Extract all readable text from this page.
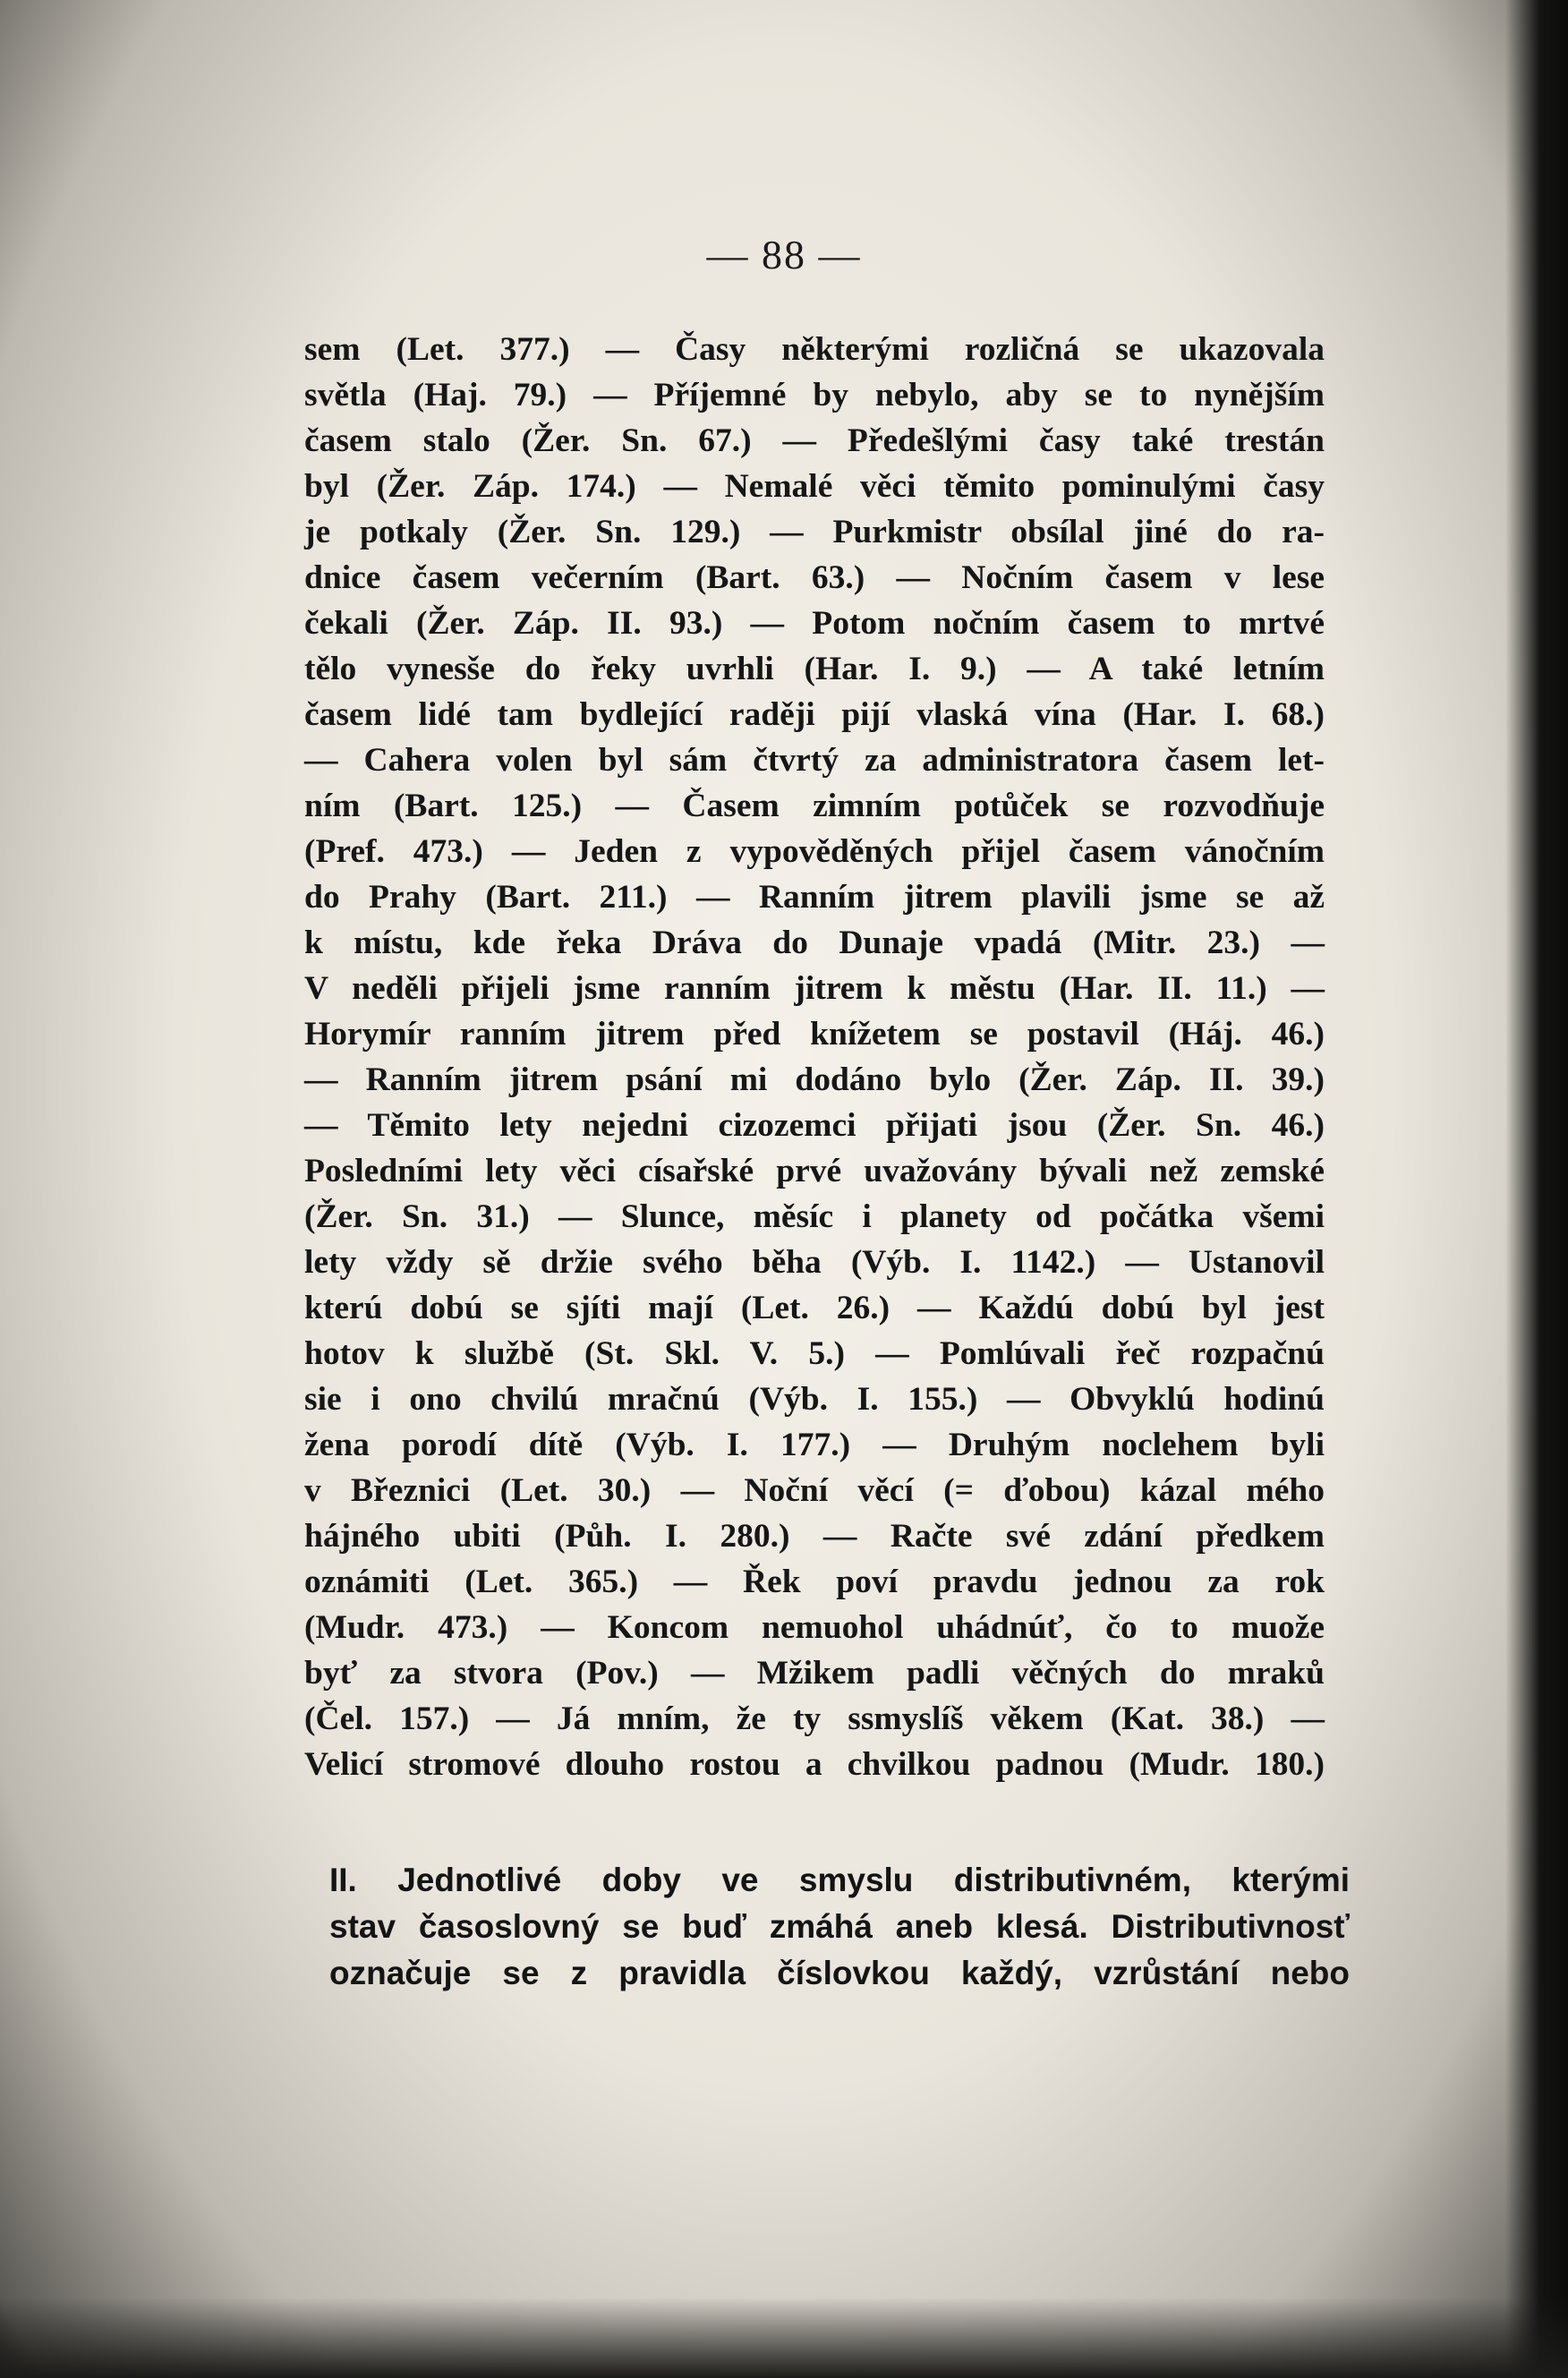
— 88 —
sem (Let. 377.) — Časy některými rozličná se ukazovala
světla (Haj. 79.) — Příjemné by nebylo, aby se to nynějším
časem stalo (Žer. Sn. 67.) — Předešlými časy také trestán
byl (Žer. Záp. 174.) — Nemalé věci těmito pominulými časy
je potkaly (Žer. Sn. 129.) — Purkmistr obsílal jiné do ra-
dnice časem večerním (Bart. 63.) — Nočním časem v lese
čekali (Žer. Záp. II. 93.) — Potom nočním časem to mrtvé
tělo vynesše do řeky uvrhli (Har. I. 9.) — A také letním
časem lidé tam bydlející raději pijí vlaská vína (Har. I. 68.)
— Cahera volen byl sám čtvrtý za administratora časem let-
ním (Bart. 125.) — Časem zimním potůček se rozvodňuje
(Pref. 473.) — Jeden z vypověděných přijel časem vánočním
do Prahy (Bart. 211.) — Ranním jitrem plavili jsme se až
k místu, kde řeka Dráva do Dunaje vpadá (Mitr. 23.) —
V neděli přijeli jsme ranním jitrem k městu (Har. II. 11.) —
Horymír ranním jitrem před knížetem se postavil (Háj. 46.)
— Ranním jitrem psání mi dodáno bylo (Žer. Záp. II. 39.)
— Těmito lety nejedni cizozemci přijati jsou (Žer. Sn. 46.)
Posledními lety věci císařské prvé uvažovány bývali než zemské
(Žer. Sn. 31.) — Slunce, měsíc i planety od počátka všemi
lety vždy sě držie svého běha (Výb. I. 1142.) — Ustanovil
kterú dobú se sjíti mají (Let. 26.) — Každú dobú byl jest
hotov k službě (St. Skl. V. 5.) — Pomlúvali řeč rozpačnú
sie i ono chvilú mračnú (Výb. I. 155.) — Obvyklú hodinú
žena porodí dítě (Výb. I. 177.) — Druhým noclehem byli
v Březnici (Let. 30.) — Noční věcí (= ďobou) kázal mého
hájného ubiti (Půh. I. 280.) — Račte své zdání předkem
oznámiti (Let. 365.) — Řek poví pravdu jednou za rok
(Mudr. 473.) — Koncom nemuohol uhádnúť, čo to muože
byť za stvora (Pov.) — Mžikem padli věčných do mraků
(Čel. 157.) — Já mním, že ty ssmyslíš věkem (Kat. 38.) —
Velicí stromové dlouho rostou a chvilkou padnou (Mudr. 180.)
II. Jednotlivé doby ve smyslu distributivném, kterými
stav časoslovný se buď zmáhá aneb klesá. Distributivnosť
označuje se z pravidla číslovkou každý, vzrůstání nebo
